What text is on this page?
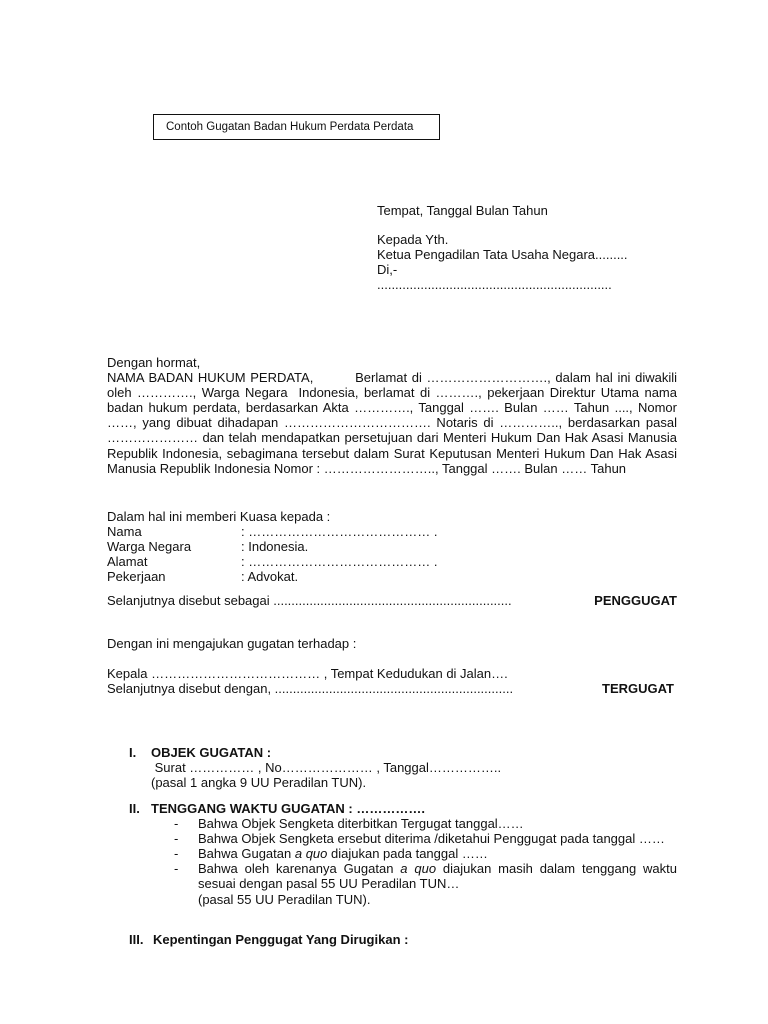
Contoh Gugatan Badan Hukum Perdata Perdata
Tempat, Tanggal Bulan Tahun
Kepada Yth.
Ketua Pengadilan Tata Usaha Negara.........
Di,-
.................................................................
Dengan hormat,
NAMA BADAN HUKUM PERDATA,         Berlamat di ………………………., dalam hal ini diwakili oleh …………., Warga Negara  Indonesia, berlamat di ………., pekerjaan Direktur Utama nama badan hukum perdata, berdasarkan Akta …………., Tanggal ……. Bulan …… Tahun ...., Nomor ……, yang dibuat dihadapan ……………………………. Notaris di ………….., berdasarkan pasal ………………… dan telah mendapatkan persetujuan dari Menteri Hukum Dan Hak Asasi Manusia Republik Indonesia, sebagimana tersebut dalam Surat Keputusan Menteri Hukum Dan Hak Asasi Manusia Republik Indonesia Nomor : …………………….., Tanggal ……. Bulan …… Tahun
Dalam hal ini memberi Kuasa kepada :
Nama	: …………………………………… .
Warga Negara	: Indonesia.
Alamat	: …………………………………… .
Pekerjaan	: Advokat.
Selanjutnya disebut sebagai ..................................................................	PENGGUGAT
Dengan ini mengajukan gugatan terhadap :
Kepala ………………………………… , Tempat Kedudukan di Jalan….
Selanjutnya disebut dengan, ..................................................................	TERGUGAT
I.	OBJEK GUGATAN :
Surat …………… , No………………… , Tanggal……………..
(pasal 1 angka 9 UU Peradilan TUN).
II. TENGGANG WAKTU GUGATAN : …………….
-	Bahwa Objek Sengketa diterbitkan Tergugat tanggal……
-	Bahwa Objek Sengketa ersebut diterima /diketahui Penggugat pada tanggal ……
-	Bahwa Gugatan a quo diajukan pada tanggal ……
-	Bahwa oleh karenanya Gugatan a quo diajukan masih dalam tenggang waktu sesuai dengan pasal 55 UU Peradilan TUN…
(pasal 55 UU Peradilan TUN).
III. Kepentingan Penggugat Yang Dirugikan :
